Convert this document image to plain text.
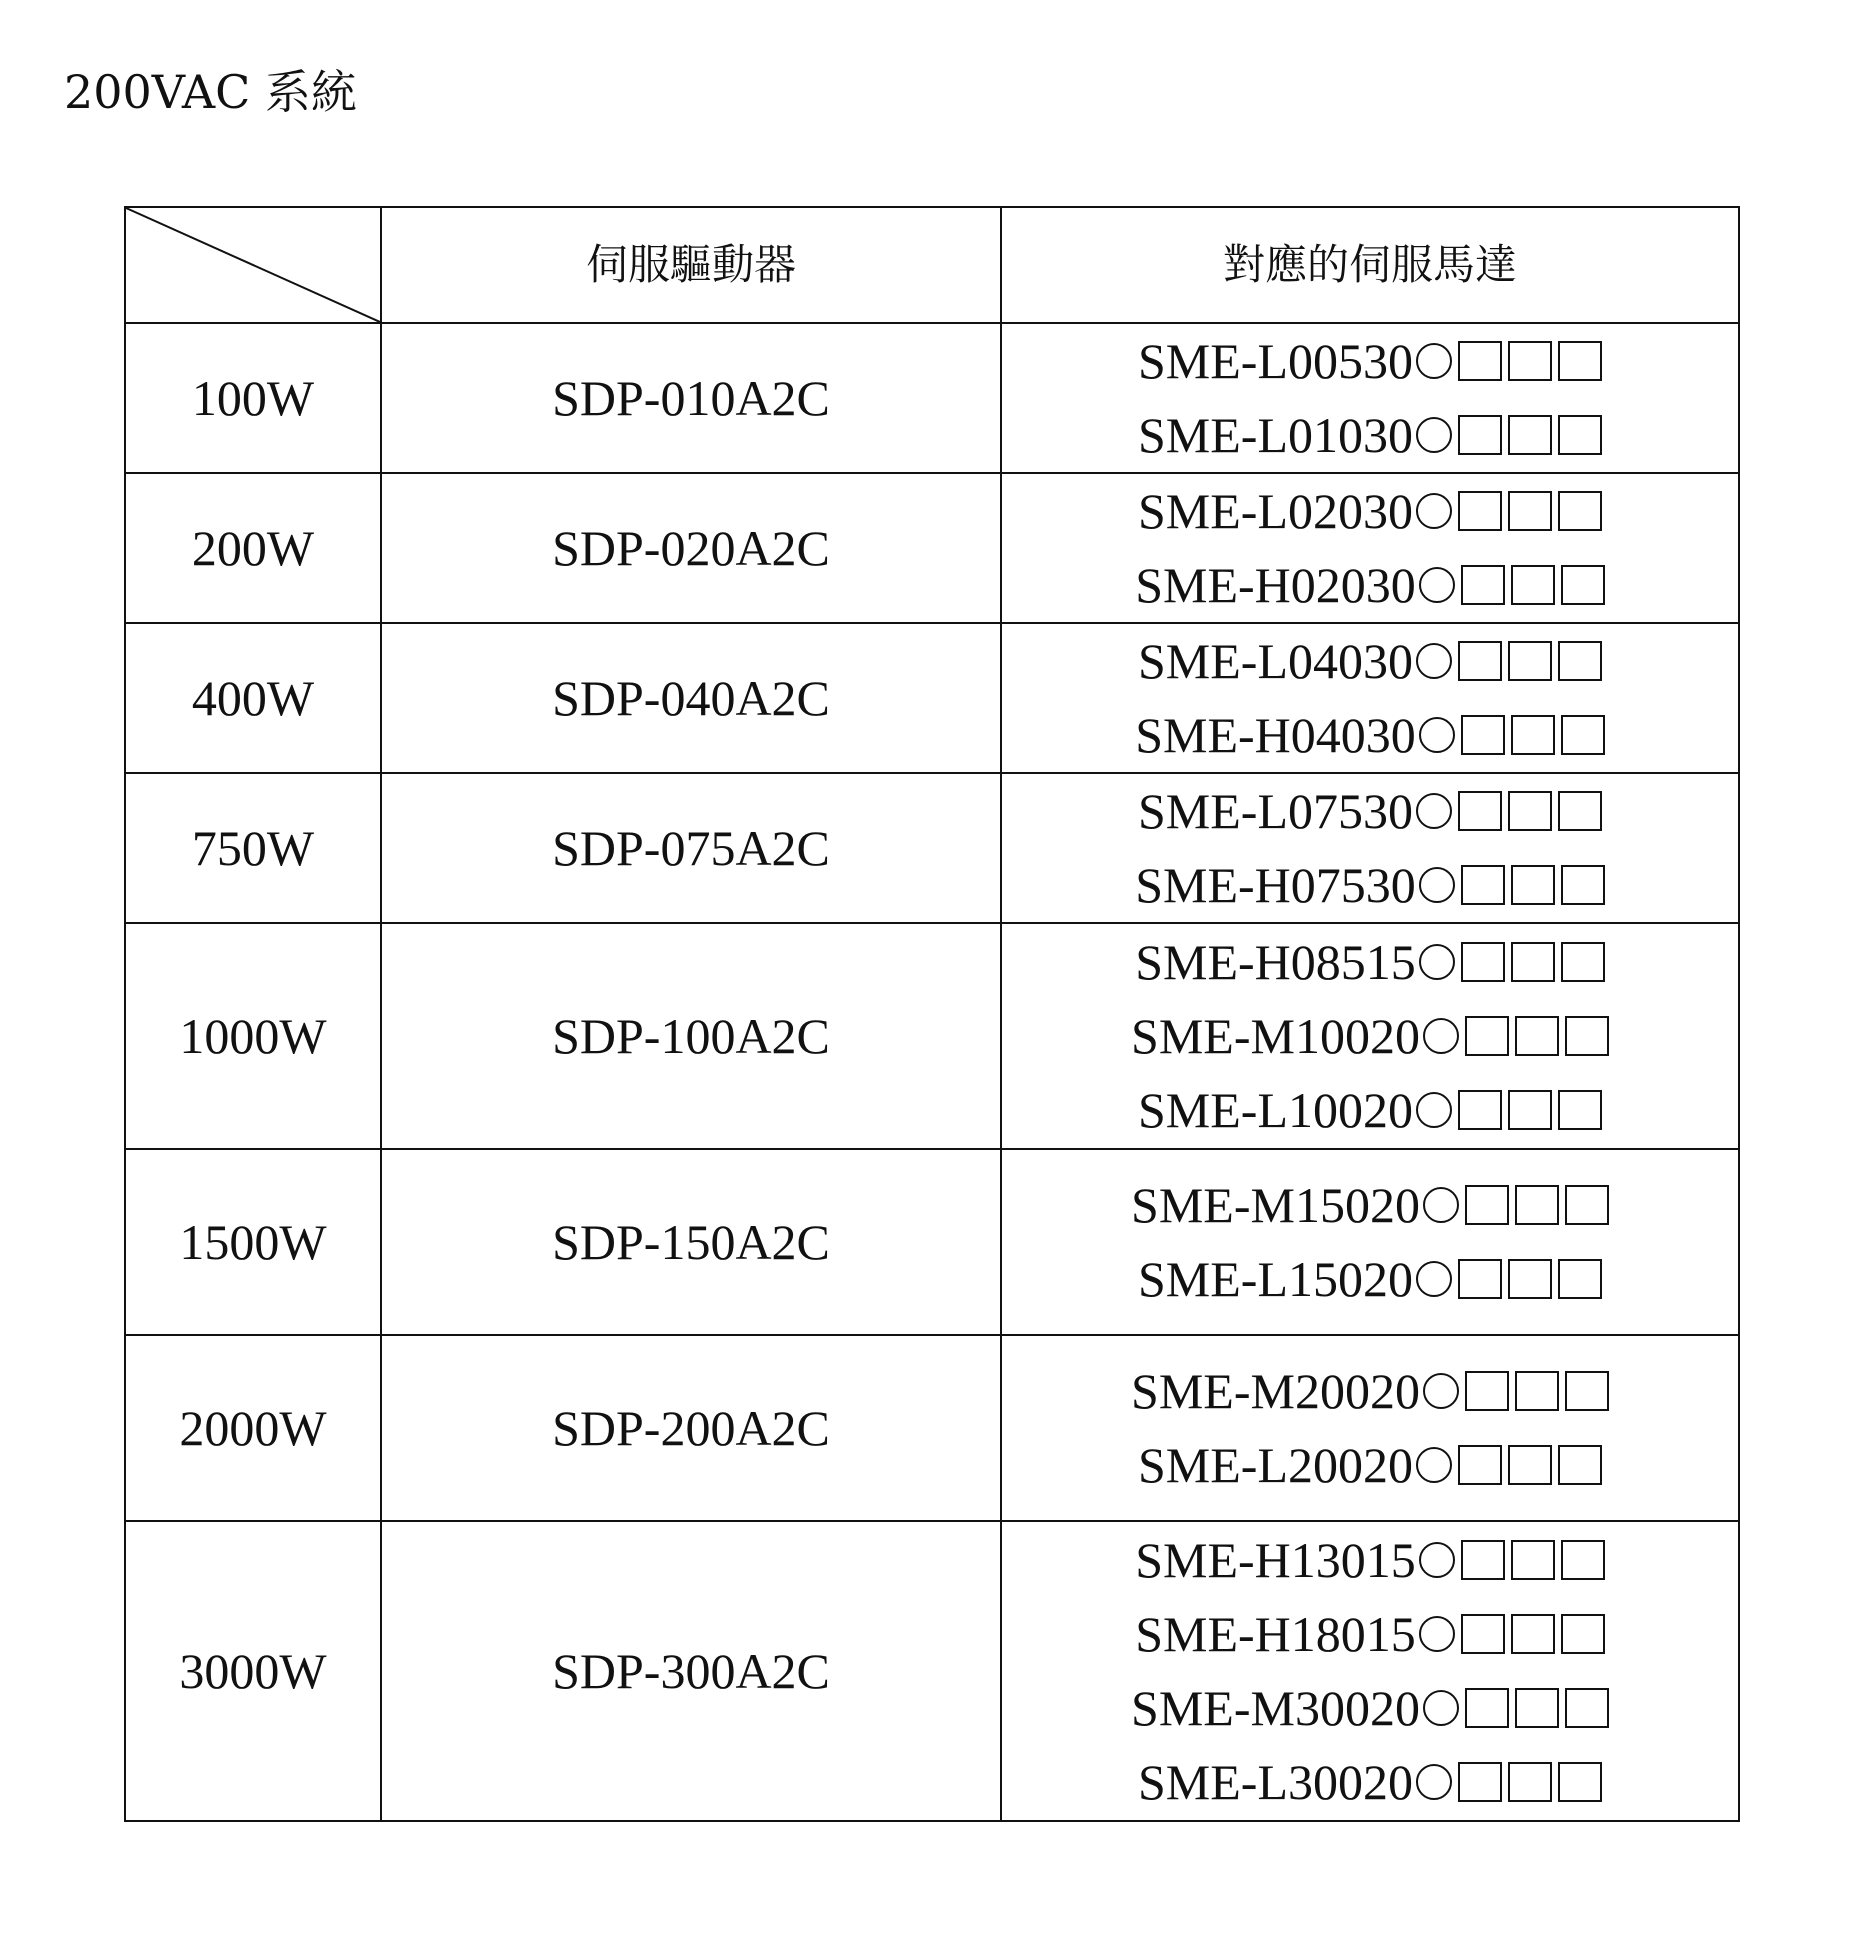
200VAC 系統
	伺服驅動器	對應的伺服馬達
100W	SDP-010A2C	SME-L00530
SME-L01030

200W	SDP-020A2C	SME-L02030
SME-H02030

400W	SDP-040A2C	SME-L04030
SME-H04030

750W	SDP-075A2C	SME-L07530
SME-H07530

1000W	SDP-100A2C	SME-H08515
SME-M10020
SME-L10020

1500W	SDP-150A2C	SME-M15020
SME-L15020

2000W	SDP-200A2C	SME-M20020
SME-L20020

3000W	SDP-300A2C	SME-H13015
SME-H18015
SME-M30020
SME-L30020
